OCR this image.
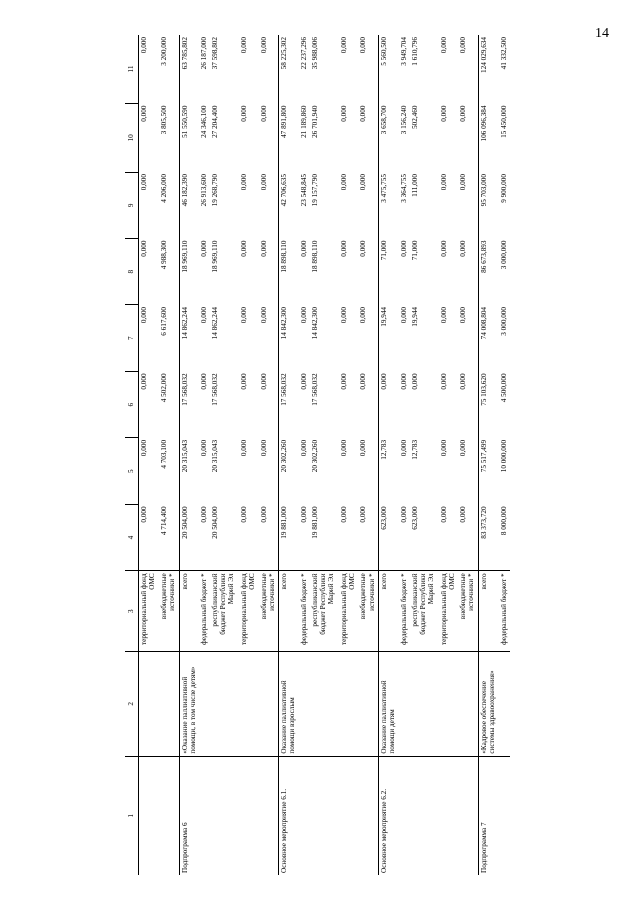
14
1	2	3	4	5	6	7	8	9	10	11
		территориальный фонд ОМС	0,000	0,000	0,000	0,000	0,000	0,000	0,000	0,000
		внебюджетные источники *	4 714,400	4 703,100	4 502,000	6 617,600	4 988,300	4 206,000	3 805,500	3 200,000
Подпрограмма 6	«Оказание паллиативной помощи, в том числе детям»	всего	20 504,000	20 315,043	17 568,032	14 862,244	18 969,110	46 182,390	51 550,590	63 785,802
		федеральный бюджет *	0,000	0,000	0,000	0,000	0,000	26 913,600	24 346,100	26 187,000
		республиканский бюджет Республики Марий Эл	20 504,000	20 315,043	17 568,032	14 862,244	18 969,110	19 268,790	27 204,400	37 598,802
		территориальный фонд ОМС	0,000	0,000	0,000	0,000	0,000	0,000	0,000	0,000
		внебюджетные источники *	0,000	0,000	0,000	0,000	0,000	0,000	0,000	0,000
Основное мероприятие 6.1.	Оказание паллиативной помощи взрослым	всего	19 881,000	20 302,260	17 568,032	14 842,300	18 898,110	42 706,635	47 891,800	58 225,302
		федеральный бюджет *	0,000	0,000	0,000	0,000	0,000	23 548,845	21 189,860	22 237,296
		республиканский бюджет Республики Марий Эл	19 881,000	20 302,260	17 568,032	14 842,300	18 898,110	19 157,790	26 701,940	35 988,006
		территориальный фонд ОМС	0,000	0,000	0,000	0,000	0,000	0,000	0,000	0,000
		внебюджетные источники *	0,000	0,000	0,000	0,000	0,000	0,000	0,000	0,000
Основное мероприятие 6.2.	Оказание паллиативной помощи детям	всего	623,000	12,783	0,000	19,944	71,000	3 475,755	3 658,700	5 560,500
		федеральный бюджет *	0,000	0,000	0,000	0,000	0,000	3 364,755	3 156,240	3 949,704
		республиканский бюджет Республики Марий Эл	623,000	12,783	0,000	19,944	71,000	111,000	502,460	1 610,796
		территориальный фонд ОМС	0,000	0,000	0,000	0,000	0,000	0,000	0,000	0,000
		внебюджетные источники *	0,000	0,000	0,000	0,000	0,000	0,000	0,000	0,000
Подпрограмма 7	«Кадровое обеспечение системы здравоохранения»	всего	83 373,720	75 517,499	75 103,620	74 008,804	86 673,893	95 703,000	106 096,384	124 029,634
		федеральный бюджет *	8 000,000	10 000,000	4 500,000	3 000,000	3 000,000	9 900,000	15 450,000	41 332,500
